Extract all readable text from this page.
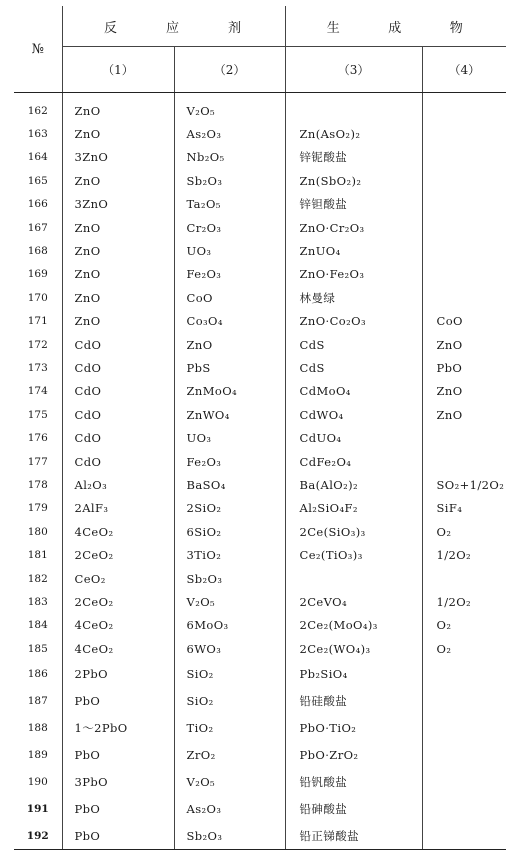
№	反 应 剂		生 成 物	

	（1）	（2）	（3）	（4）
162	ZnO	V₂O₅		
163	ZnO	As₂O₃	Zn(AsO₂)₂	
164	3ZnO	Nb₂O₅	锌铌酸盐	
165	ZnO	Sb₂O₃	Zn(SbO₂)₂	
166	3ZnO	Ta₂O₅	锌钽酸盐	
167	ZnO	Cr₂O₃	ZnO·Cr₂O₃	
168	ZnO	UO₃	ZnUO₄	
169	ZnO	Fe₂O₃	ZnO·Fe₂O₃	
170	ZnO	CoO	林曼绿	
171	ZnO	Co₃O₄	ZnO·Co₂O₃	CoO
172	CdO	ZnO	CdS	ZnO
173	CdO	PbS	CdS	PbO
174	CdO	ZnMoO₄	CdMoO₄	ZnO
175	CdO	ZnWO₄	CdWO₄	ZnO
176	CdO	UO₃	CdUO₄	
177	CdO	Fe₂O₃	CdFe₂O₄	
178	Al₂O₃	BaSO₄	Ba(AlO₂)₂	SO₂+1/2O₂
179	2AlF₃	2SiO₂	Al₂SiO₄F₂	SiF₄
180	4CeO₂	6SiO₂	2Ce(SiO₃)₃	O₂
181	2CeO₂	3TiO₂	Ce₂(TiO₃)₃	1/2O₂
182	CeO₂	Sb₂O₃		
183	2CeO₂	V₂O₅	2CeVO₄	1/2O₂
184	4CeO₂	6MoO₃	2Ce₂(MoO₄)₃	O₂
185	4CeO₂	6WO₃	2Ce₂(WO₄)₃	O₂
186	2PbO	SiO₂	Pb₂SiO₄	
187	PbO	SiO₂	铅硅酸盐	
188	1～2PbO	TiO₂	PbO·TiO₂	
189	PbO	ZrO₂	PbO·ZrO₂	
190	3PbO	V₂O₅	铅钒酸盐	
191	PbO	As₂O₃	铅砷酸盐	
192	PbO	Sb₂O₃	铅正锑酸盐	
